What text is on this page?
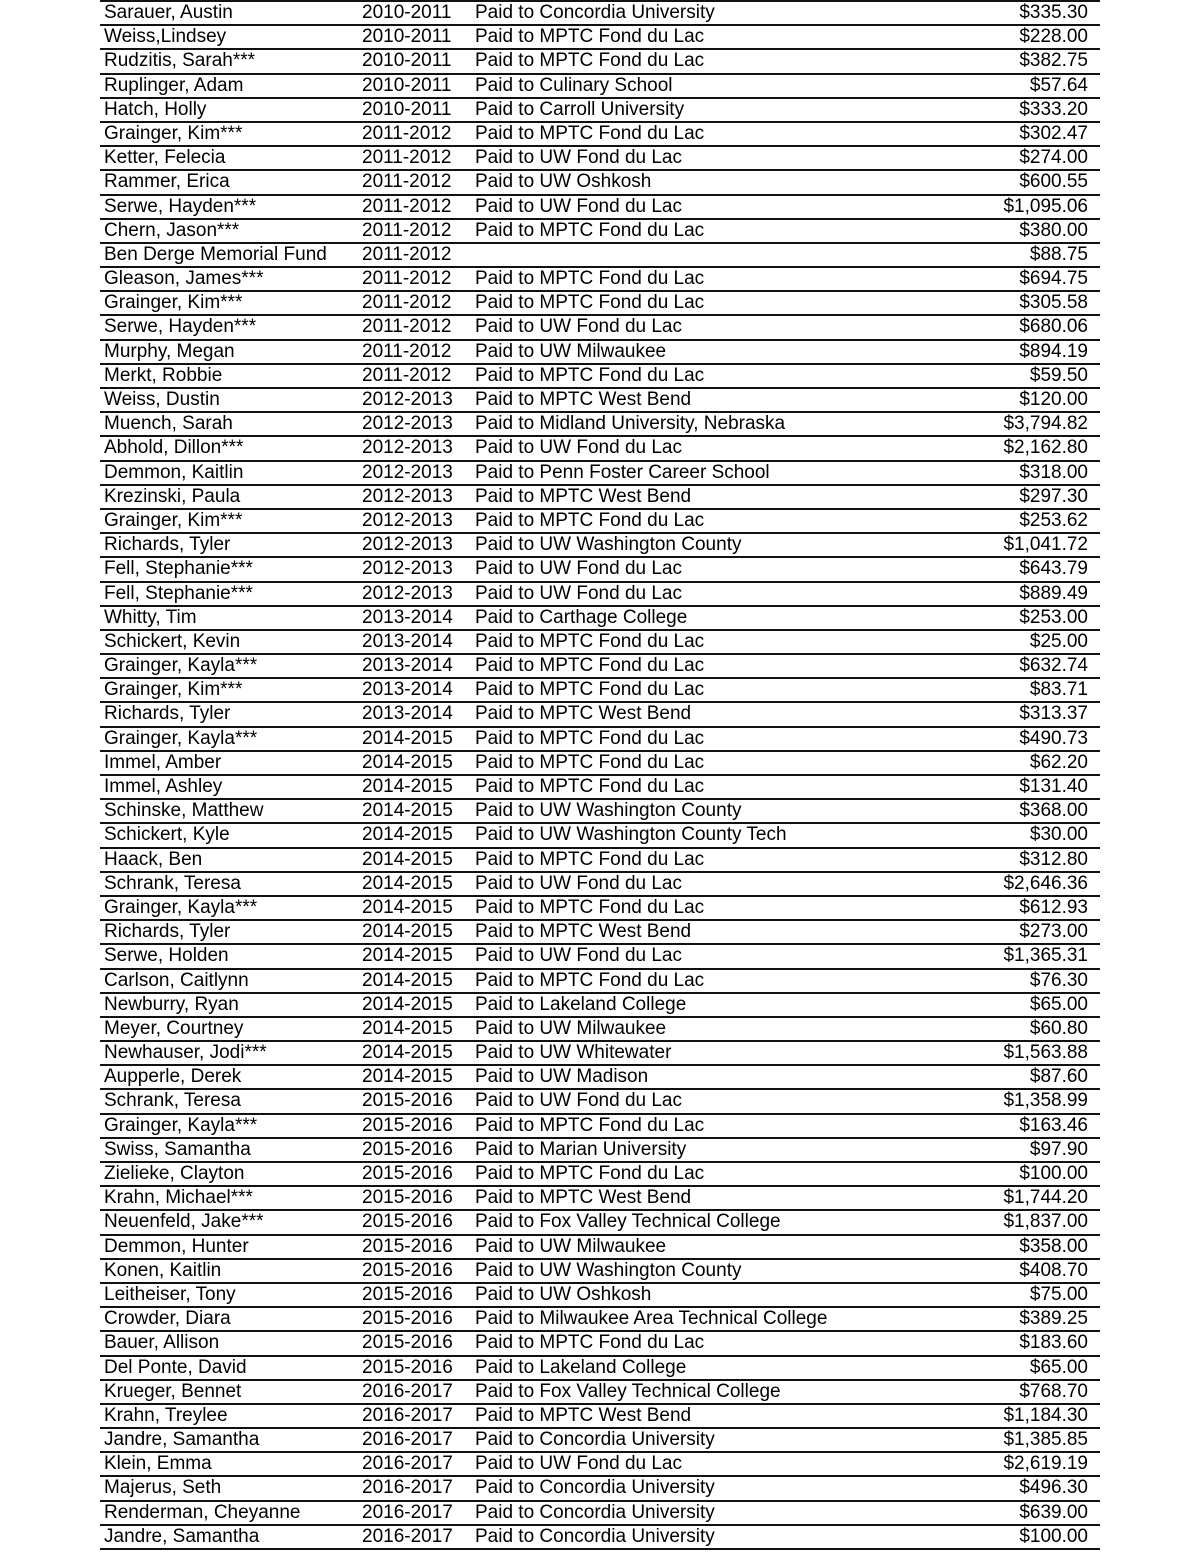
Sarauer, Austin	2010-2011 Paid to Concordia University	$335.30
Weiss,Lindsey	2010-2011 Paid to MPTC Fond du Lac	$228.00
Rudzitis, Sarah***	2010-2011 Paid to MPTC Fond du Lac	$382.75
Ruplinger, Adam	2010-2011 Paid to Culinary School	$57.64
Hatch, Holly	2010-2011 Paid to Carroll University	$333.20
Grainger, Kim***	2011-2012 Paid to MPTC Fond du Lac	$302.47
Ketter, Felecia	2011-2012 Paid to UW Fond du Lac	$274.00
Rammer, Erica	2011-2012 Paid to UW Oshkosh	$600.55
Serwe, Hayden***	2011-2012 Paid to UW Fond du Lac	$1,095.06
Chern, Jason***	2011-2012 Paid to MPTC Fond du Lac	$380.00
Ben Derge Memorial Fund 2011-2012	$88.75
Gleason, James***	2011-2012 Paid to MPTC Fond du Lac	$694.75
Grainger, Kim***	2011-2012 Paid to MPTC Fond du Lac	$305.58
Serwe, Hayden***	2011-2012 Paid to UW Fond du Lac	$680.06
Murphy, Megan	2011-2012 Paid to UW Milwaukee	$894.19
Merkt, Robbie	2011-2012 Paid to MPTC Fond du Lac	$59.50
Weiss, Dustin	2012-2013 Paid to MPTC West Bend	$120.00
Muench, Sarah	2012-2013 Paid to Midland University, Nebraska	$3,794.82
Abhold, Dillon***	2012-2013 Paid to UW Fond du Lac	$2,162.80
Demmon, Kaitlin	2012-2013 Paid to Penn Foster Career School	$318.00
Krezinski, Paula	2012-2013 Paid to MPTC West Bend	$297.30
Grainger, Kim***	2012-2013 Paid to MPTC Fond du Lac	$253.62
Richards, Tyler	2012-2013 Paid to UW Washington County	$1,041.72
Fell, Stephanie***	2012-2013 Paid to UW Fond du Lac	$643.79
Fell, Stephanie***	2012-2013 Paid to UW Fond du Lac	$889.49
Whitty, Tim	2013-2014 Paid to Carthage College	$253.00
Schickert, Kevin	2013-2014 Paid to MPTC Fond du Lac	$25.00
Grainger, Kayla***	2013-2014 Paid to MPTC Fond du Lac	$632.74
Grainger, Kim***	2013-2014 Paid to MPTC Fond du Lac	$83.71
Richards, Tyler	2013-2014 Paid to MPTC West Bend	$313.37
Grainger, Kayla***	2014-2015 Paid to MPTC Fond du Lac	$490.73
Immel, Amber	2014-2015 Paid to MPTC Fond du Lac	$62.20
Immel, Ashley	2014-2015 Paid to MPTC Fond du Lac	$131.40
Schinske, Matthew	2014-2015 Paid to UW Washington County	$368.00
Schickert, Kyle	2014-2015 Paid to UW Washington County Tech	$30.00
Haack, Ben	2014-2015 Paid to MPTC Fond du Lac	$312.80
Schrank, Teresa	2014-2015 Paid to UW Fond du Lac	$2,646.36
Grainger, Kayla***	2014-2015 Paid to MPTC Fond du Lac	$612.93
Richards, Tyler	2014-2015 Paid to MPTC West Bend	$273.00
Serwe, Holden	2014-2015 Paid to UW Fond du Lac	$1,365.31
Carlson, Caitlynn	2014-2015 Paid to MPTC Fond du Lac	$76.30
Newburry, Ryan	2014-2015 Paid to Lakeland College	$65.00
Meyer, Courtney	2014-2015 Paid to UW Milwaukee	$60.80
Newhauser, Jodi***	2014-2015 Paid to UW Whitewater	$1,563.88
Aupperle, Derek	2014-2015 Paid to UW Madison	$87.60
Schrank, Teresa	2015-2016 Paid to UW Fond du Lac	$1,358.99
Grainger, Kayla***	2015-2016 Paid to MPTC Fond du Lac	$163.46
Swiss, Samantha	2015-2016 Paid to Marian University	$97.90
Zielieke, Clayton	2015-2016 Paid to MPTC Fond du Lac	$100.00
Krahn, Michael***	2015-2016 Paid to MPTC West Bend	$1,744.20
Neuenfeld, Jake***	2015-2016 Paid to Fox Valley Technical College	$1,837.00
Demmon, Hunter	2015-2016 Paid to UW Milwaukee	$358.00
Konen, Kaitlin	2015-2016 Paid to UW Washington County	$408.70
Leitheiser, Tony	2015-2016 Paid to UW Oshkosh	$75.00
Crowder, Diara	2015-2016 Paid to Milwaukee Area Technical College	$389.25
Bauer, Allison	2015-2016 Paid to MPTC Fond du Lac	$183.60
Del Ponte, David	2015-2016 Paid to Lakeland College	$65.00
Krueger, Bennet	2016-2017 Paid to Fox Valley Technical College	$768.70
Krahn, Treylee	2016-2017 Paid to MPTC West Bend	$1,184.30
Jandre, Samantha	2016-2017 Paid to Concordia University	$1,385.85
Klein, Emma	2016-2017 Paid to UW Fond du Lac	$2,619.19
Majerus, Seth	2016-2017 Paid to Concordia University	$496.30
Renderman, Cheyanne	2016-2017 Paid to Concordia University	$639.00
Jandre, Samantha	2016-2017 Paid to Concordia University	$100.00
